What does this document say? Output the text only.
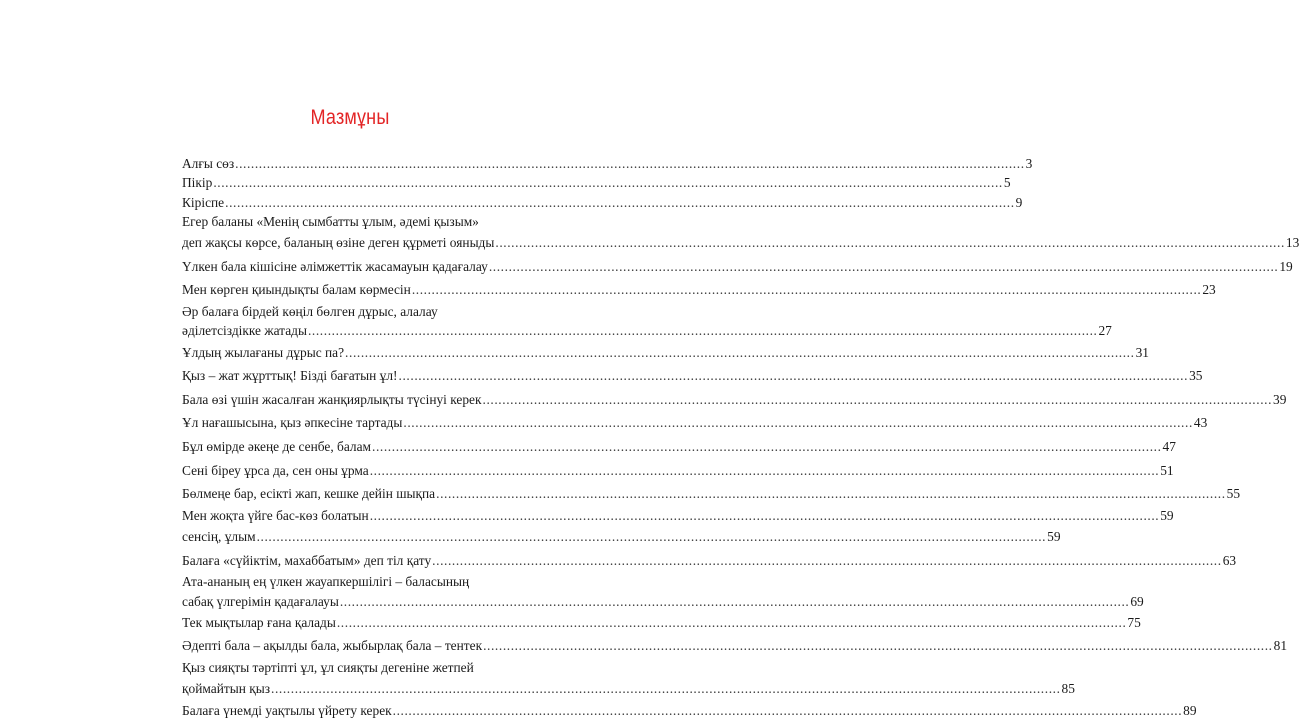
Мазмұны
Алғы сөз ........................................................................................................................................................................................................ 3
Пікір ........................................................................................................................................................................................................ 5
Кіріспе ........................................................................................................................................................................................................ 9
Егер баланы «Менің сымбатты ұлым, әдемі қызым»
деп жақсы көрсе, баланың өзіне деген құрметі ояныды ........................................................................................................................................................................................................ 13
Үлкен бала кішісіне әлімжеттік жасамауын қадағалау ........................................................................................................................................................................................................ 19
Мен көрген қиындықты балам көрмесін ........................................................................................................................................................................................................ 23
Әр балаға бірдей көңіл бөлген дұрыс, алалау
әділетсіздікке жатады ........................................................................................................................................................................................................ 27
Ұлдың жылағаны дұрыс па? ........................................................................................................................................................................................................ 31
Қыз – жат жұрттық! Бізді бағатын ұл! ........................................................................................................................................................................................................ 35
Бала өзі үшін жасалған жанқиярлықты түсінуі керек ........................................................................................................................................................................................................ 39
Ұл нағашысына, қыз әпкесіне тартады ........................................................................................................................................................................................................ 43
Бұл өмірде әкеңе де сенбе, балам ........................................................................................................................................................................................................ 47
Сені біреу ұрса да, сен оны ұрма ........................................................................................................................................................................................................ 51
Бөлмеңе бар, есікті жап, кешке дейін шықпа ........................................................................................................................................................................................................ 55
Мен жоқта үйге бас-көз болатын ........................................................................................................................................................................................................ 59
сенсің, ұлым ........................................................................................................................................................................................................ 59
Балаға «сүйіктім, махаббатым» деп тіл қату ........................................................................................................................................................................................................ 63
Ата-ананың ең үлкен жауапкершілігі – баласының
сабақ үлгерімін қадағалауы ........................................................................................................................................................................................................ 69
Тек мықтылар ғана қалады ........................................................................................................................................................................................................ 75
Әдепті бала – ақылды бала, жыбырлақ бала – тентек ........................................................................................................................................................................................................ 81
Қыз сияқты тәртіпті ұл, ұл сияқты дегеніне жетпей
қоймайтын қыз ........................................................................................................................................................................................................ 85
Балаға үнемді уақтылы үйрету керек ........................................................................................................................................................................................................ 89
